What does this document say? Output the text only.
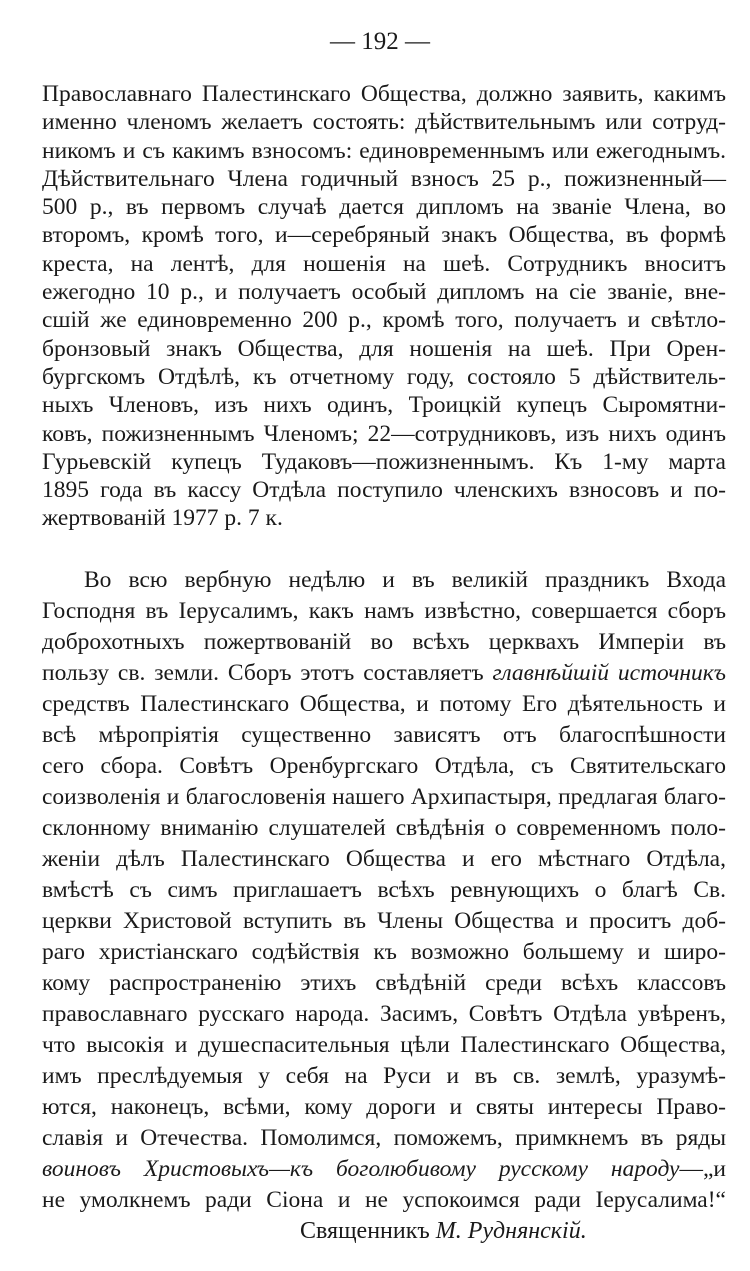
— 192 —
Православнаго Палестинскаго Общества, должно заявить, какимъ
именно членомъ желаетъ состоять: дѣйствительнымъ или сотруд-
никомъ и съ какимъ взносомъ: единовременнымъ или ежегоднымъ.
Дѣйствительнаго Члена годичный взносъ 25 р., пожизненный—
500 р., въ первомъ случаѣ дается дипломъ на званіе Члена, во
второмъ, кромѣ того, и—серебряный знакъ Общества, въ формѣ
креста, на лентѣ, для ношенія на шеѣ. Сотрудникъ вноситъ
ежегодно 10 р., и получаетъ особый дипломъ на сіе званіе, вне-
сшій же единовременно 200 р., кромѣ того, получаетъ и свѣтло-
бронзовый знакъ Общества, для ношенія на шеѣ. При Орен-
бургскомъ Отдѣлѣ, къ отчетному году, состояло 5 дѣйствитель-
ныхъ Членовъ, изъ нихъ одинъ, Троицкій купецъ Сыромятни-
ковъ, пожизненнымъ Членомъ; 22—сотрудниковъ, изъ нихъ одинъ
Гурьевскій купецъ Тудаковъ—пожизненнымъ. Къ 1-му марта
1895 года въ кассу Отдѣла поступило членскихъ взносовъ и по-
жертвованій 1977 р. 7 к.
Во всю вербную недѣлю и въ великій праздникъ Входа
Господня въ Іерусалимъ, какъ намъ извѣстно, совершается сборъ
доброхотныхъ пожертвованій во всѣхъ церквахъ Имперіи въ
пользу св. земли. Сборъ этотъ составляетъ главнѣйшій источникъ
средствъ Палестинскаго Общества, и потому Его дѣятельность и
всѣ мѣропріятія существенно зависятъ отъ благоспѣшности
сего сбора. Совѣтъ Оренбургскаго Отдѣла, съ Святительскаго
соизволенія и благословенія нашего Архипастыря, предлагая благо-
склонному вниманію слушателей свѣдѣнія о современномъ поло-
женіи дѣлъ Палестинскаго Общества и его мѣстнаго Отдѣла,
вмѣстѣ съ симъ приглашаетъ всѣхъ ревнующихъ о благѣ Св.
церкви Христовой вступить въ Члены Общества и проситъ доб-
раго христіанскаго содѣйствія къ возможно большему и широ-
кому распространенію этихъ свѣдѣній среди всѣхъ классовъ
православнаго русскаго народа. Засимъ, Совѣтъ Отдѣла увѣренъ,
что высокія и душеспасительныя цѣли Палестинскаго Общества,
имъ преслѣдуемыя у себя на Руси и въ св. землѣ, уразумѣ-
ются, наконецъ, всѣми, кому дороги и святы интересы Право-
славія и Отечества. Помолимся, поможемъ, примкнемъ въ ряды
воиновъ Христовыхъ—къ боголюбивому русскому народу—„и
не умолкнемъ ради Сіона и не успокоимся ради Іерусалима!“
Священникъ М. Руднянскій.
